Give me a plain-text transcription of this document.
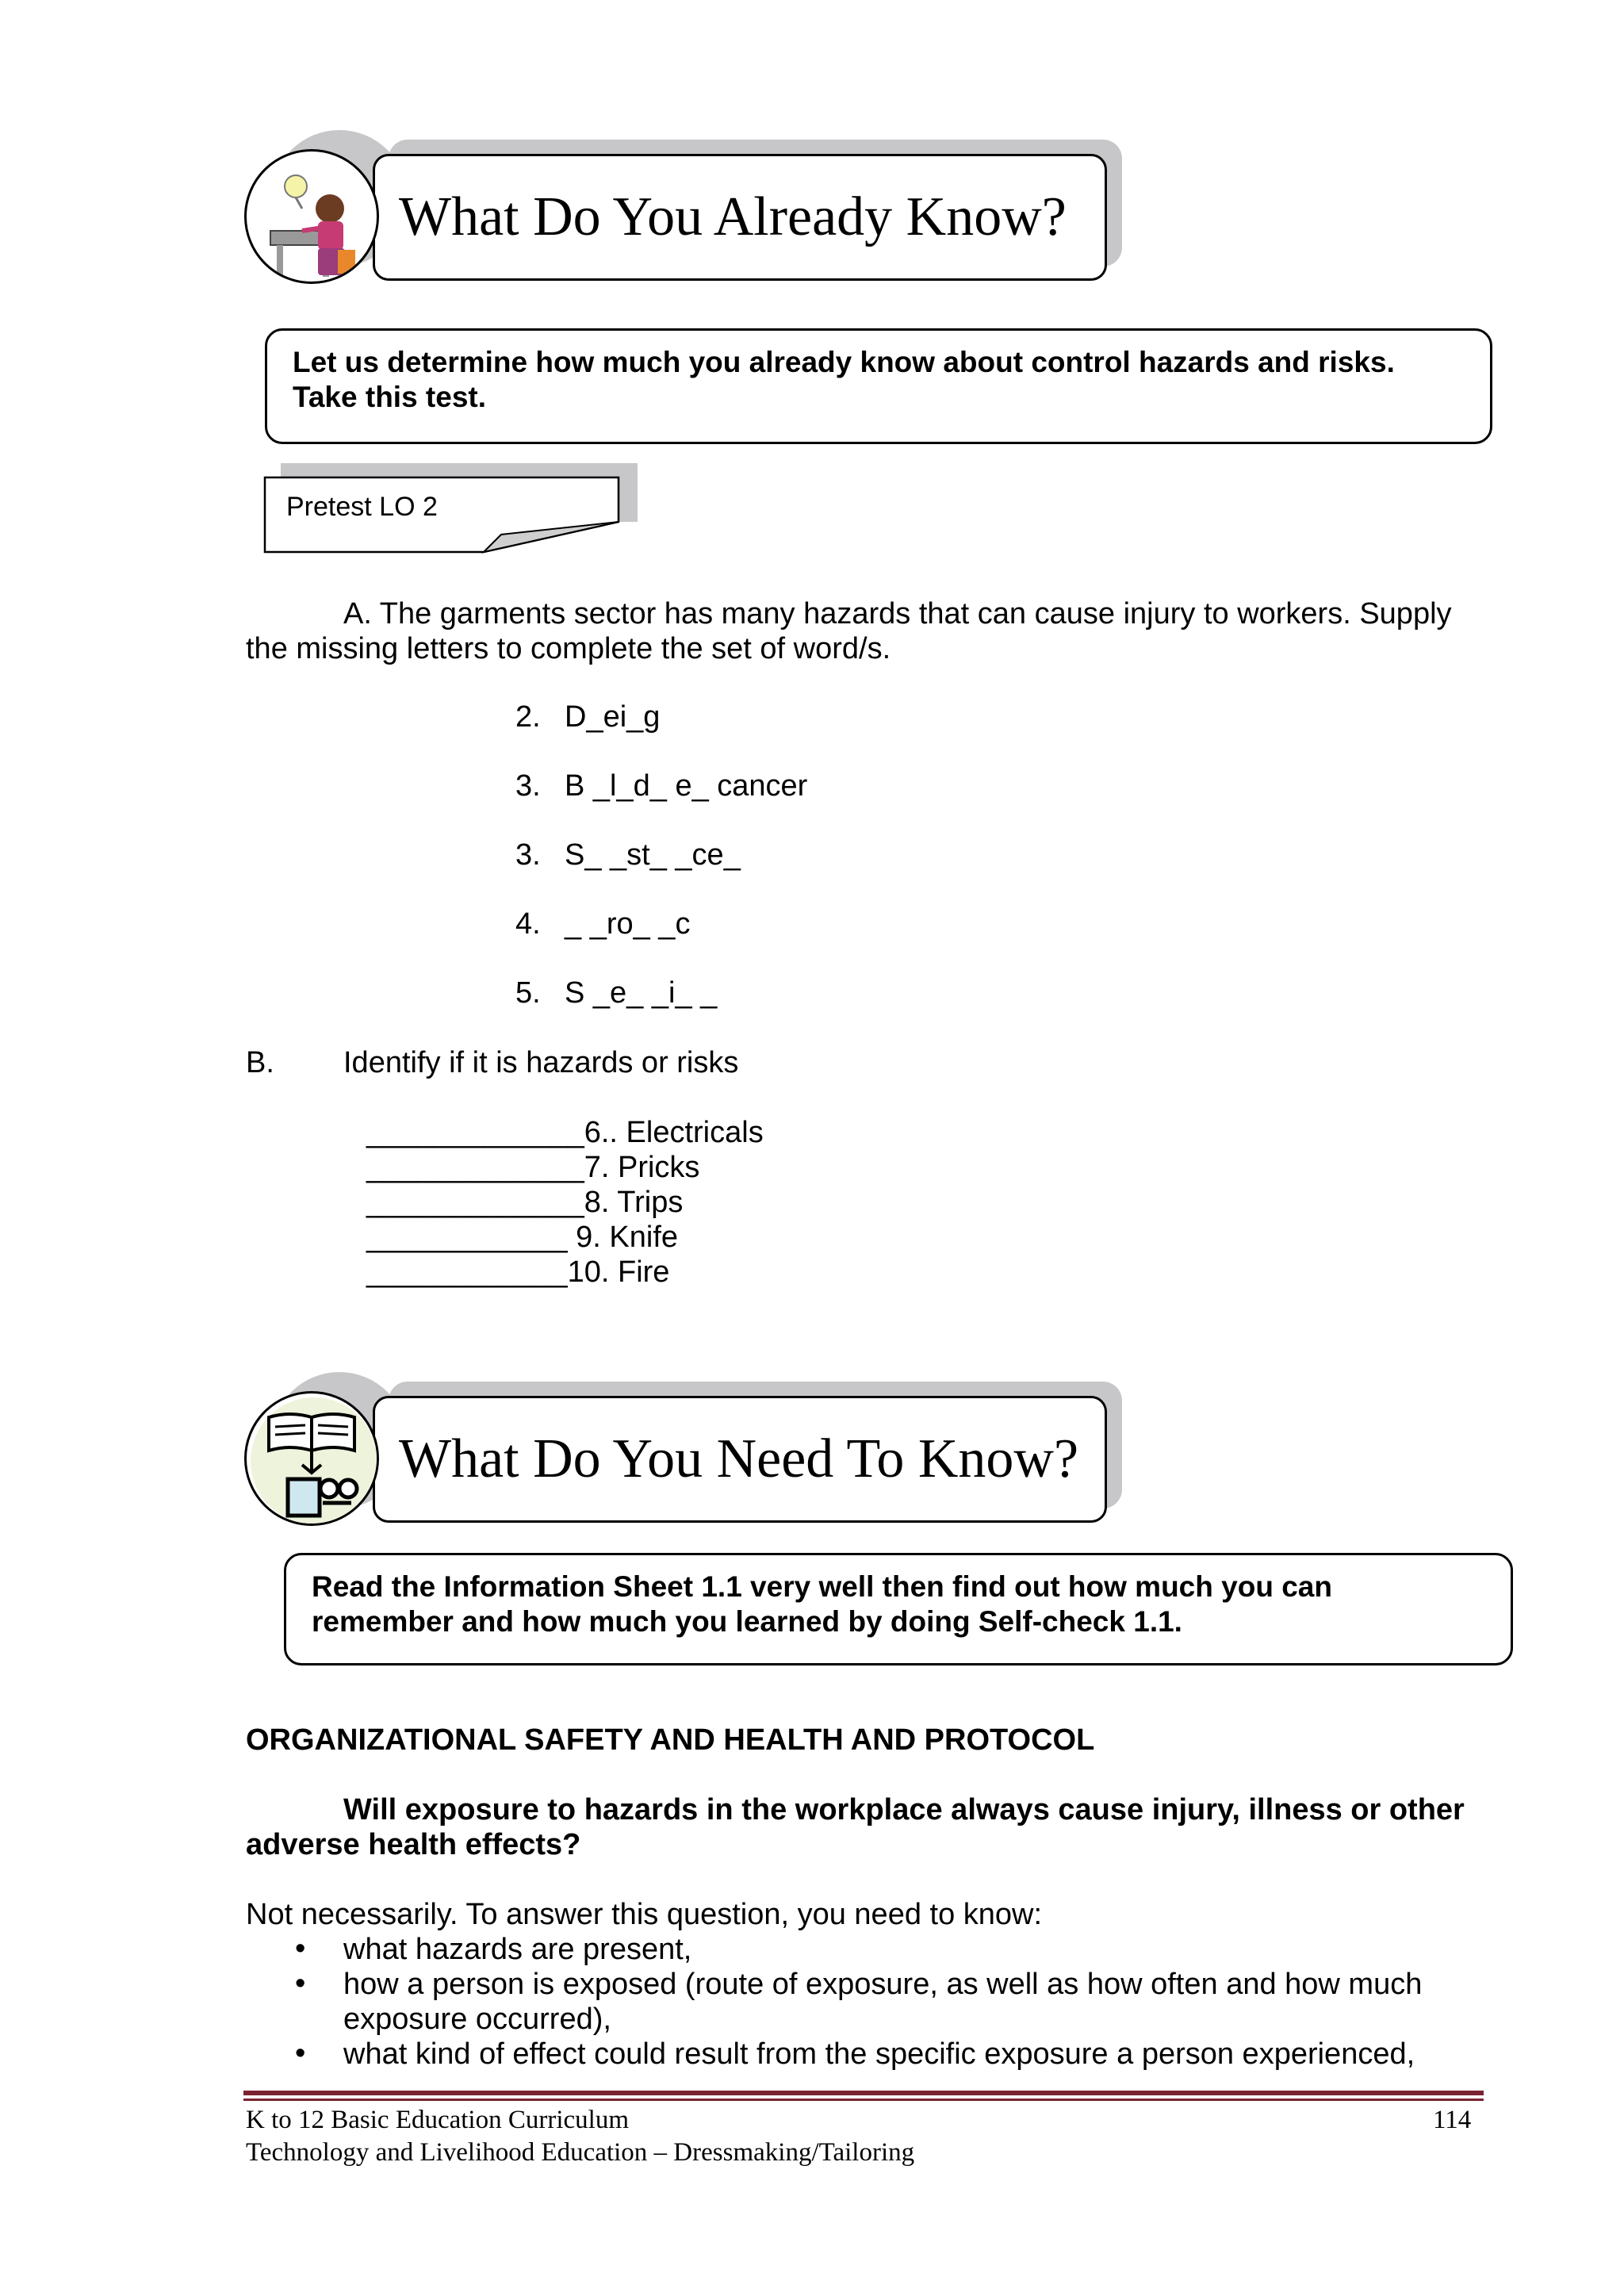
What Do You Already Know?
Let us determine how much you already know about control hazards and risks.
Take this test.
Pretest LO 2
A. The garments sector has many hazards that can cause injury to workers. Supply
the missing letters to complete the set of word/s.
2. D_ei_g
3. B _l_d_ e_ cancer
3. S_ _st_ _ce_
4. _ _ro_ _c
5. S _e_ _i_ _
B. Identify if it is hazards or risks
_____________6.. Electricals
_____________7. Pricks
_____________8. Trips
____________ 9. Knife
____________10. Fire
What Do You Need To Know?
Read the Information Sheet 1.1 very well then find out how much you can
remember and how much you learned by doing Self-check 1.1.
ORGANIZATIONAL SAFETY AND HEALTH AND PROTOCOL
Will exposure to hazards in the workplace always cause injury, illness or other
adverse health effects?
Not necessarily. To answer this question, you need to know:
• what hazards are present,
• how a person is exposed (route of exposure, as well as how often and how much
exposure occurred),
• what kind of effect could result from the specific exposure a person experienced,
K to 12 Basic Education Curriculum
Technology and Livelihood Education – Dressmaking/Tailoring
114
